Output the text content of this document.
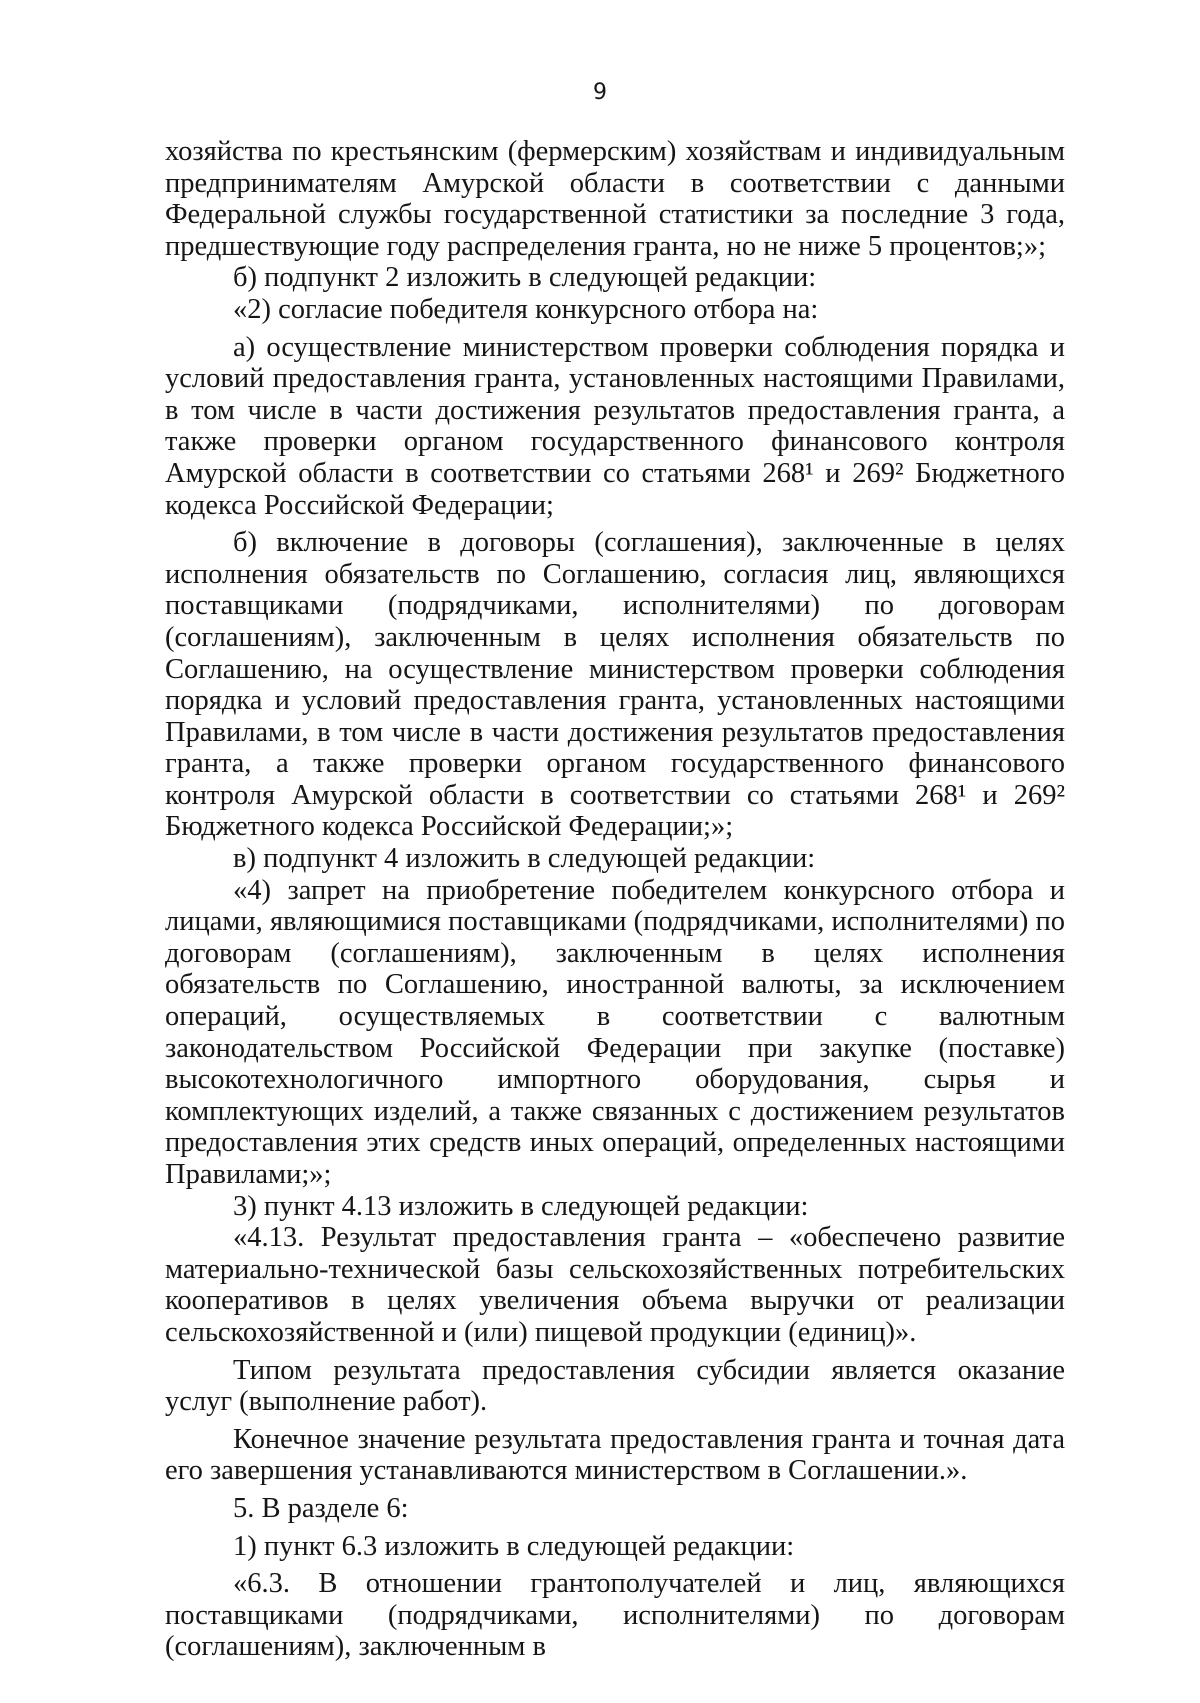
9

хозяйства по крестьянским (фермерским) хозяйствам и индивидуальным предпринимателям Амурской области в соответствии с данными Федеральной службы государственной статистики за последние 3 года, предшествующие году распределения гранта, но не ниже 5 процентов;»;

б) подпункт 2 изложить в следующей редакции:

«2) согласие победителя конкурсного отбора на:

а) осуществление министерством проверки соблюдения порядка и условий предоставления гранта, установленных настоящими Правилами, в том числе в части достижения результатов предоставления гранта, а также проверки органом государственного финансового контроля Амурской области в соответствии со статьями 268¹ и 269² Бюджетного кодекса Российской Федерации;

б) включение в договоры (соглашения), заключенные в целях исполнения обязательств по Соглашению, согласия лиц, являющихся поставщиками (подрядчиками, исполнителями) по договорам (соглашениям), заключенным в целях исполнения обязательств по Соглашению, на осуществление министерством проверки соблюдения порядка и условий предоставления гранта, установленных настоящими Правилами, в том числе в части достижения результатов предоставления гранта, а также проверки органом государственного финансового контроля Амурской области в соответствии со статьями 268¹ и 269² Бюджетного кодекса Российской Федерации;»;

в) подпункт 4 изложить в следующей редакции:

«4) запрет на приобретение победителем конкурсного отбора и лицами, являющимися поставщиками (подрядчиками, исполнителями) по договорам (соглашениям), заключенным в целях исполнения обязательств по Соглашению, иностранной валюты, за исключением операций, осуществляемых в соответствии с валютным законодательством Российской Федерации при закупке (поставке) высокотехнологичного импортного оборудования, сырья и комплектующих изделий, а также связанных с достижением результатов предоставления этих средств иных операций, определенных настоящими Правилами;»;

3) пункт 4.13 изложить в следующей редакции:

«4.13. Результат предоставления гранта – «обеспечено развитие материально-технической базы сельскохозяйственных потребительских кооперативов в целях увеличения объема выручки от реализации сельскохозяйственной и (или) пищевой продукции (единиц)».

Типом результата предоставления субсидии является оказание услуг (выполнение работ).

Конечное значение результата предоставления гранта и точная дата его завершения устанавливаются министерством в Соглашении.».

5. В разделе 6:

1) пункт 6.3 изложить в следующей редакции:

«6.3. В отношении грантополучателей и лиц, являющихся поставщиками (подрядчиками, исполнителями) по договорам (соглашениям), заключенным в
